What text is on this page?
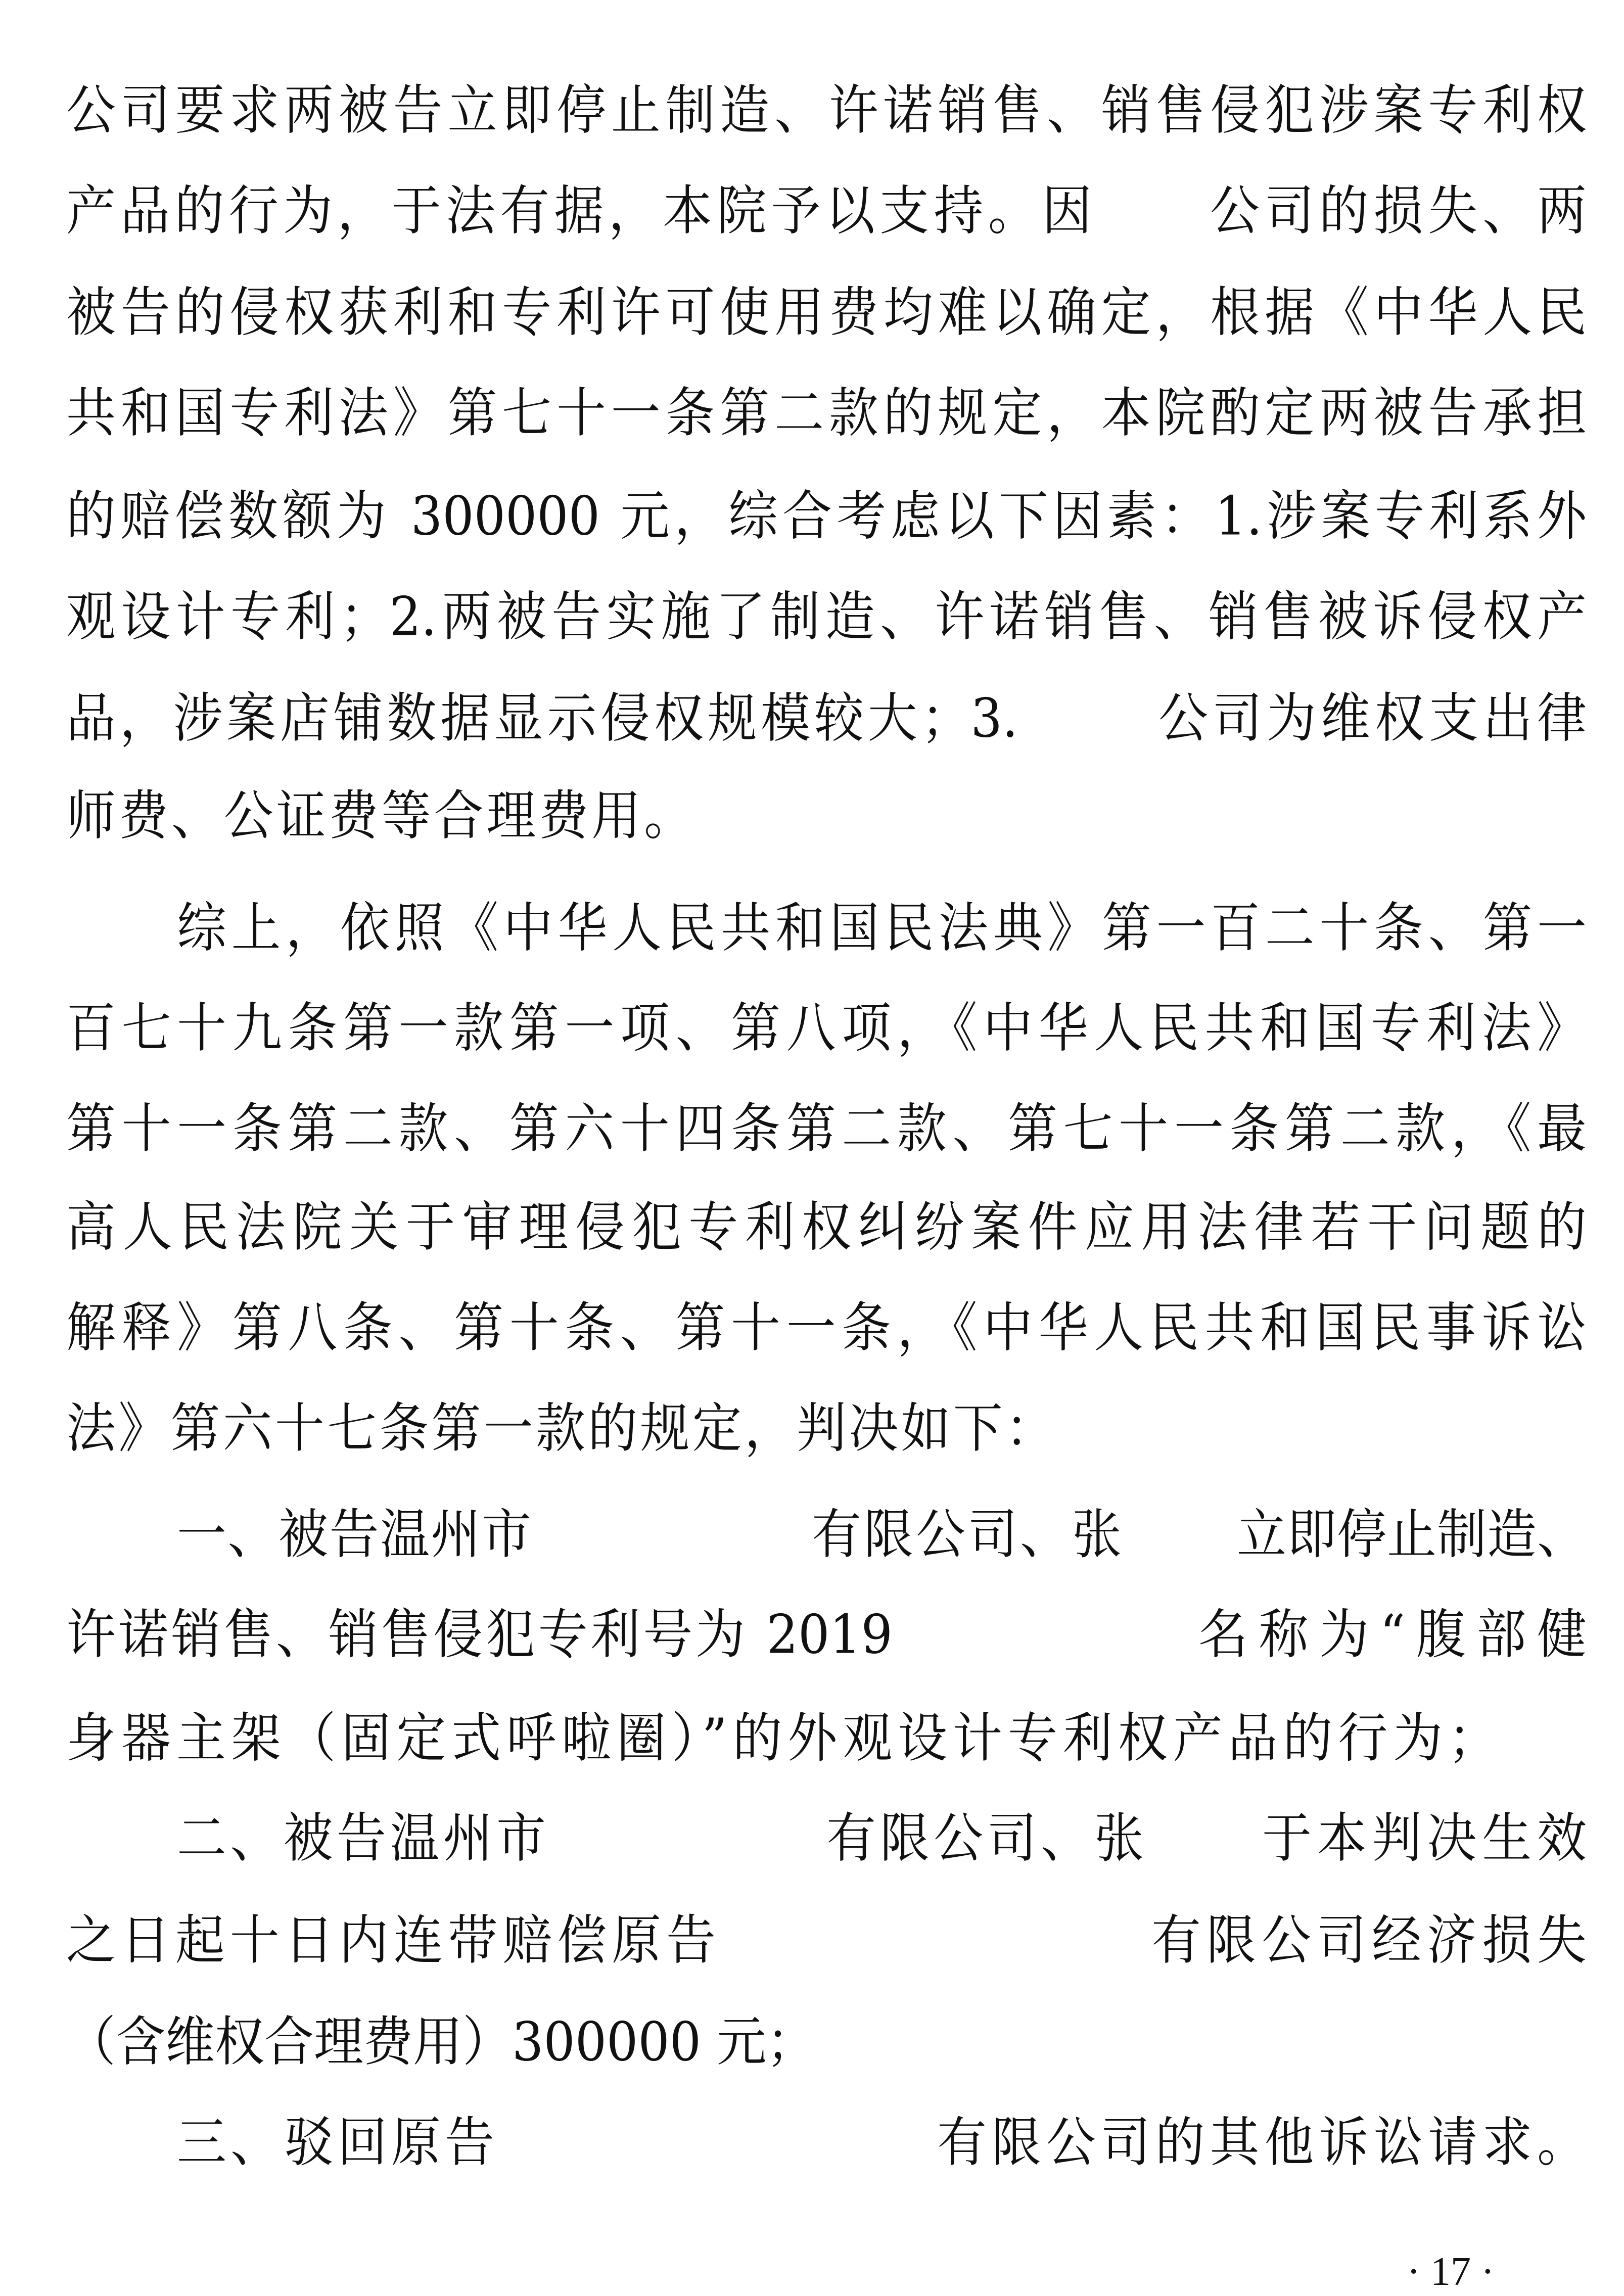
· 17 ·
公司要求两被告立即停止制造、许诺销售、销售侵犯涉案专利权
产品的行为，于法有据，本院予以支持。因 公司的损失、两
被告的侵权获利和专利许可使用费均难以确定，根据《中华人民
共和国专利法》第七十一条第二款的规定，本院酌定两被告承担
的赔偿数额为 300000 元，综合考虑以下因素：1.涉案专利系外
观设计专利；2.两被告实施了制造、许诺销售、销售被诉侵权产
品，涉案店铺数据显示侵权规模较大；3.	公司为维权支出律
师费、公证费等合理费用。
综上，依照《中华人民共和国民法典》第一百二十条、第一
百七十九条第一款第一项、第八项，《中华人民共和国专利法》
第十一条第二款、第六十四条第二款、第七十一条第二款，《最
高人民法院关于审理侵犯专利权纠纷案件应用法律若干问题的
解释》第八条、第十条、第十一条，《中华人民共和国民事诉讼
法》第六十七条第一款的规定，判决如下：
一、被告温州市	有限公司、张 立即停止制造、
许诺销售、销售侵犯专利号为 2019	名称为“腹部健
身器主架（固定式呼啦圈）”的外观设计专利权产品的行为；
二、被告温州市	有限公司、张 于本判决生效
之日起十日内连带赔偿原告	有限公司经济损失
（含维权合理费用）300000 元；
三、驳回原告	有限公司的其他诉讼请求。
